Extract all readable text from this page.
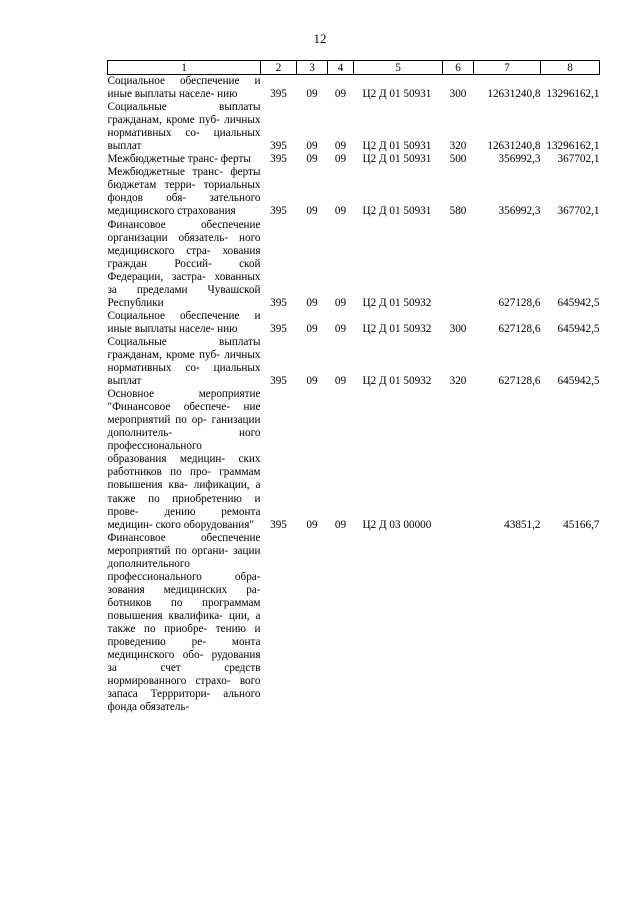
12
1	2	3	4	5	6	7	8
Социальное обеспечение и иные выплаты населе- нию	395	09	09	Ц2 Д 01 50931	300	12631240,8	13296162,1
Социальные выплаты гражданам, кроме пуб- личных нормативных со- циальных выплат	395	09	09	Ц2 Д 01 50931	320	12631240,8	13296162,1
Межбюджетные транс- ферты	395	09	09	Ц2 Д 01 50931	500	356992,3	367702,1
Межбюджетные транс- ферты бюджетам терри- ториальных фондов обя- зательного медицинского страхования	395	09	09	Ц2 Д 01 50931	580	356992,3	367702,1
Финансовое обеспечение организации обязатель- ного медицинского стра- хования граждан Россий- ской Федерации, застра- хованных за пределами Чувашской Республики	395	09	09	Ц2 Д 01 50932		627128,6	645942,5
Социальное обеспечение и иные выплаты населе- нию	395	09	09	Ц2 Д 01 50932	300	627128,6	645942,5
Социальные выплаты гражданам, кроме пуб- личных нормативных со- циальных выплат	395	09	09	Ц2 Д 01 50932	320	627128,6	645942,5
Основное мероприятие "Финансовое обеспече- ние мероприятий по ор- ганизации дополнитель- ного профессионального образования медицин- ских работников по про- граммам повышения ква- лификации, а также по приобретению и прове- дению ремонта медицин- ского оборудования"	395	09	09	Ц2 Д 03 00000		43851,2	45166,7
Финансовое обеспечение мероприятий по органи- зации дополнительного профессионального обра- зования медицинских ра- ботников по программам повышения квалифика- ции, а также по приобре- тению и проведению ре- монта медицинского обо- рудования за счет средств нормированного страхо- вого запаса Террритори- ального фонда обязатель-							
